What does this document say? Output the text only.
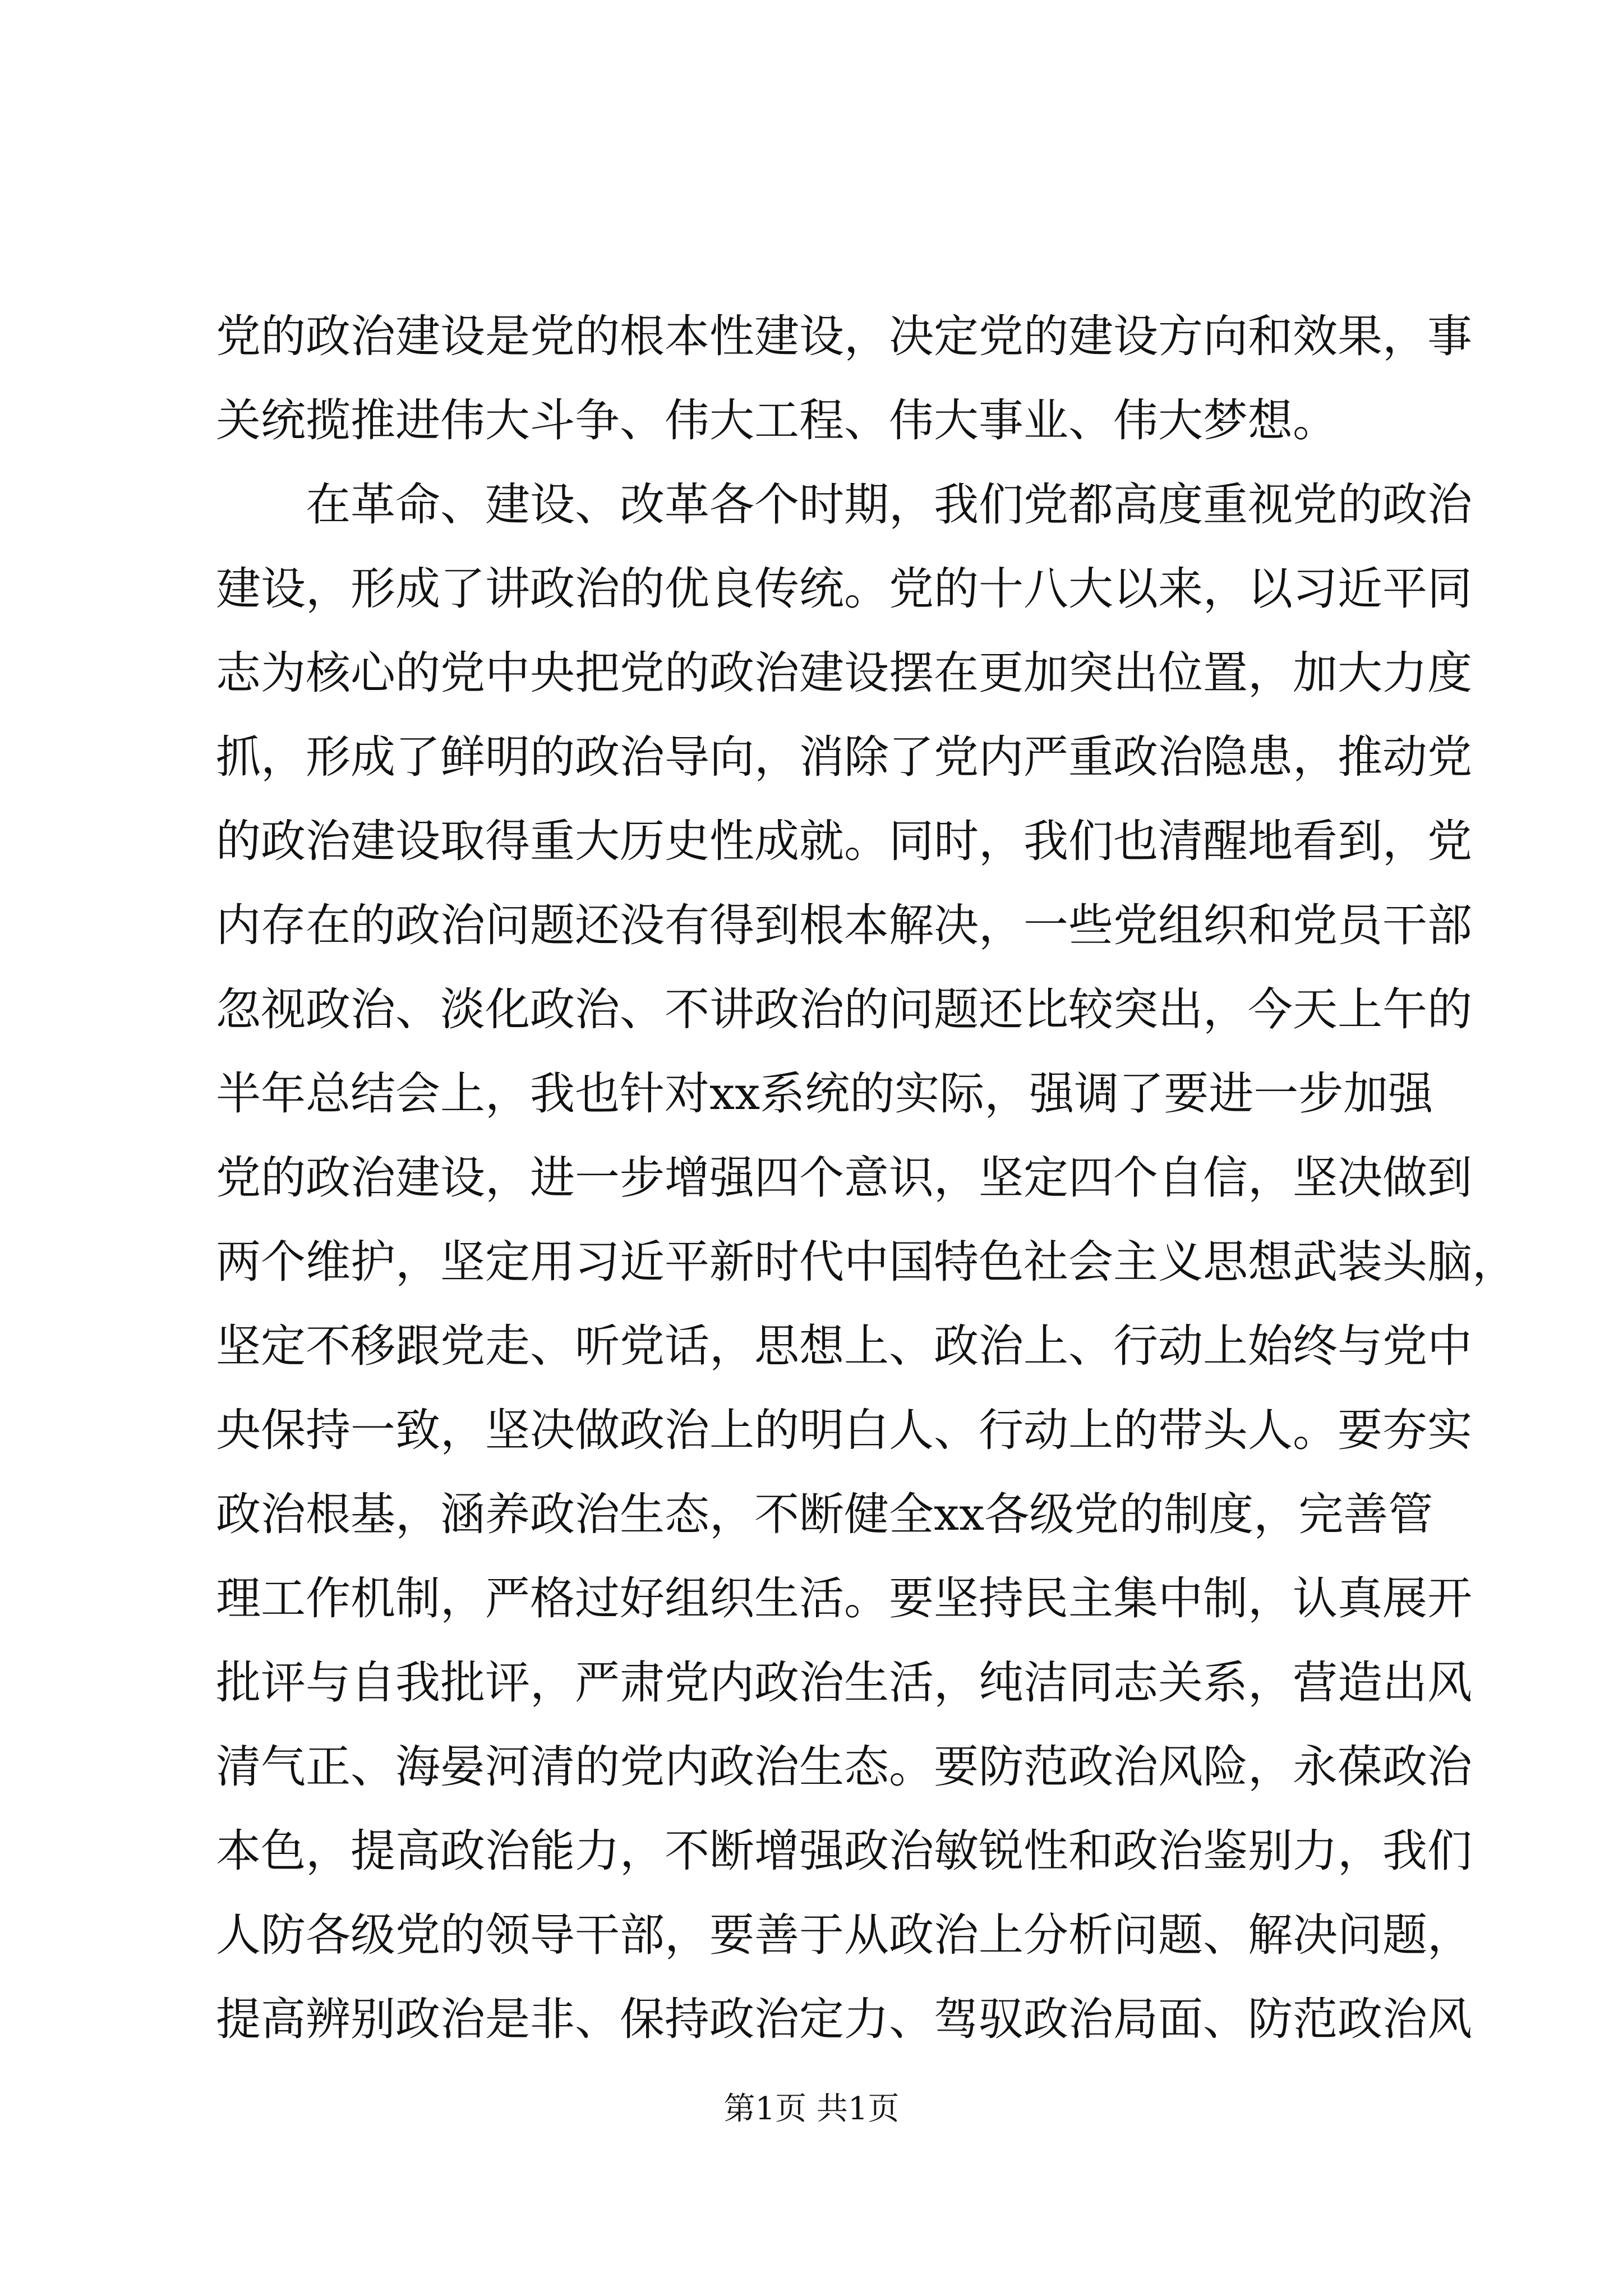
党的政治建设是党的根本性建设，决定党的建设方向和效果，事
关统揽推进伟大斗争、伟大工程、伟大事业、伟大梦想。
在革命、建设、改革各个时期，我们党都高度重视党的政治
建设，形成了讲政治的优良传统。党的十八大以来，以习近平同
志为核心的党中央把党的政治建设摆在更加突出位置，加大力度
抓，形成了鲜明的政治导向，消除了党内严重政治隐患，推动党
的政治建设取得重大历史性成就。同时，我们也清醒地看到，党
内存在的政治问题还没有得到根本解决，一些党组织和党员干部
忽视政治、淡化政治、不讲政治的问题还比较突出，今天上午的
半年总结会上，我也针对xx系统的实际，强调了要进一步加强
党的政治建设，进一步增强四个意识，坚定四个自信，坚决做到
两个维护，坚定用习近平新时代中国特色社会主义思想武装头脑，
坚定不移跟党走、听党话，思想上、政治上、行动上始终与党中
央保持一致，坚决做政治上的明白人、行动上的带头人。要夯实
政治根基，涵养政治生态，不断健全xx各级党的制度，完善管
理工作机制，严格过好组织生活。要坚持民主集中制，认真展开
批评与自我批评，严肃党内政治生活，纯洁同志关系，营造出风
清气正、海晏河清的党内政治生态。要防范政治风险，永葆政治
本色，提高政治能力，不断增强政治敏锐性和政治鉴别力，我们
人防各级党的领导干部，要善于从政治上分析问题、解决问题，
提高辨别政治是非、保持政治定力、驾驭政治局面、防范政治风
第1页 共1页
